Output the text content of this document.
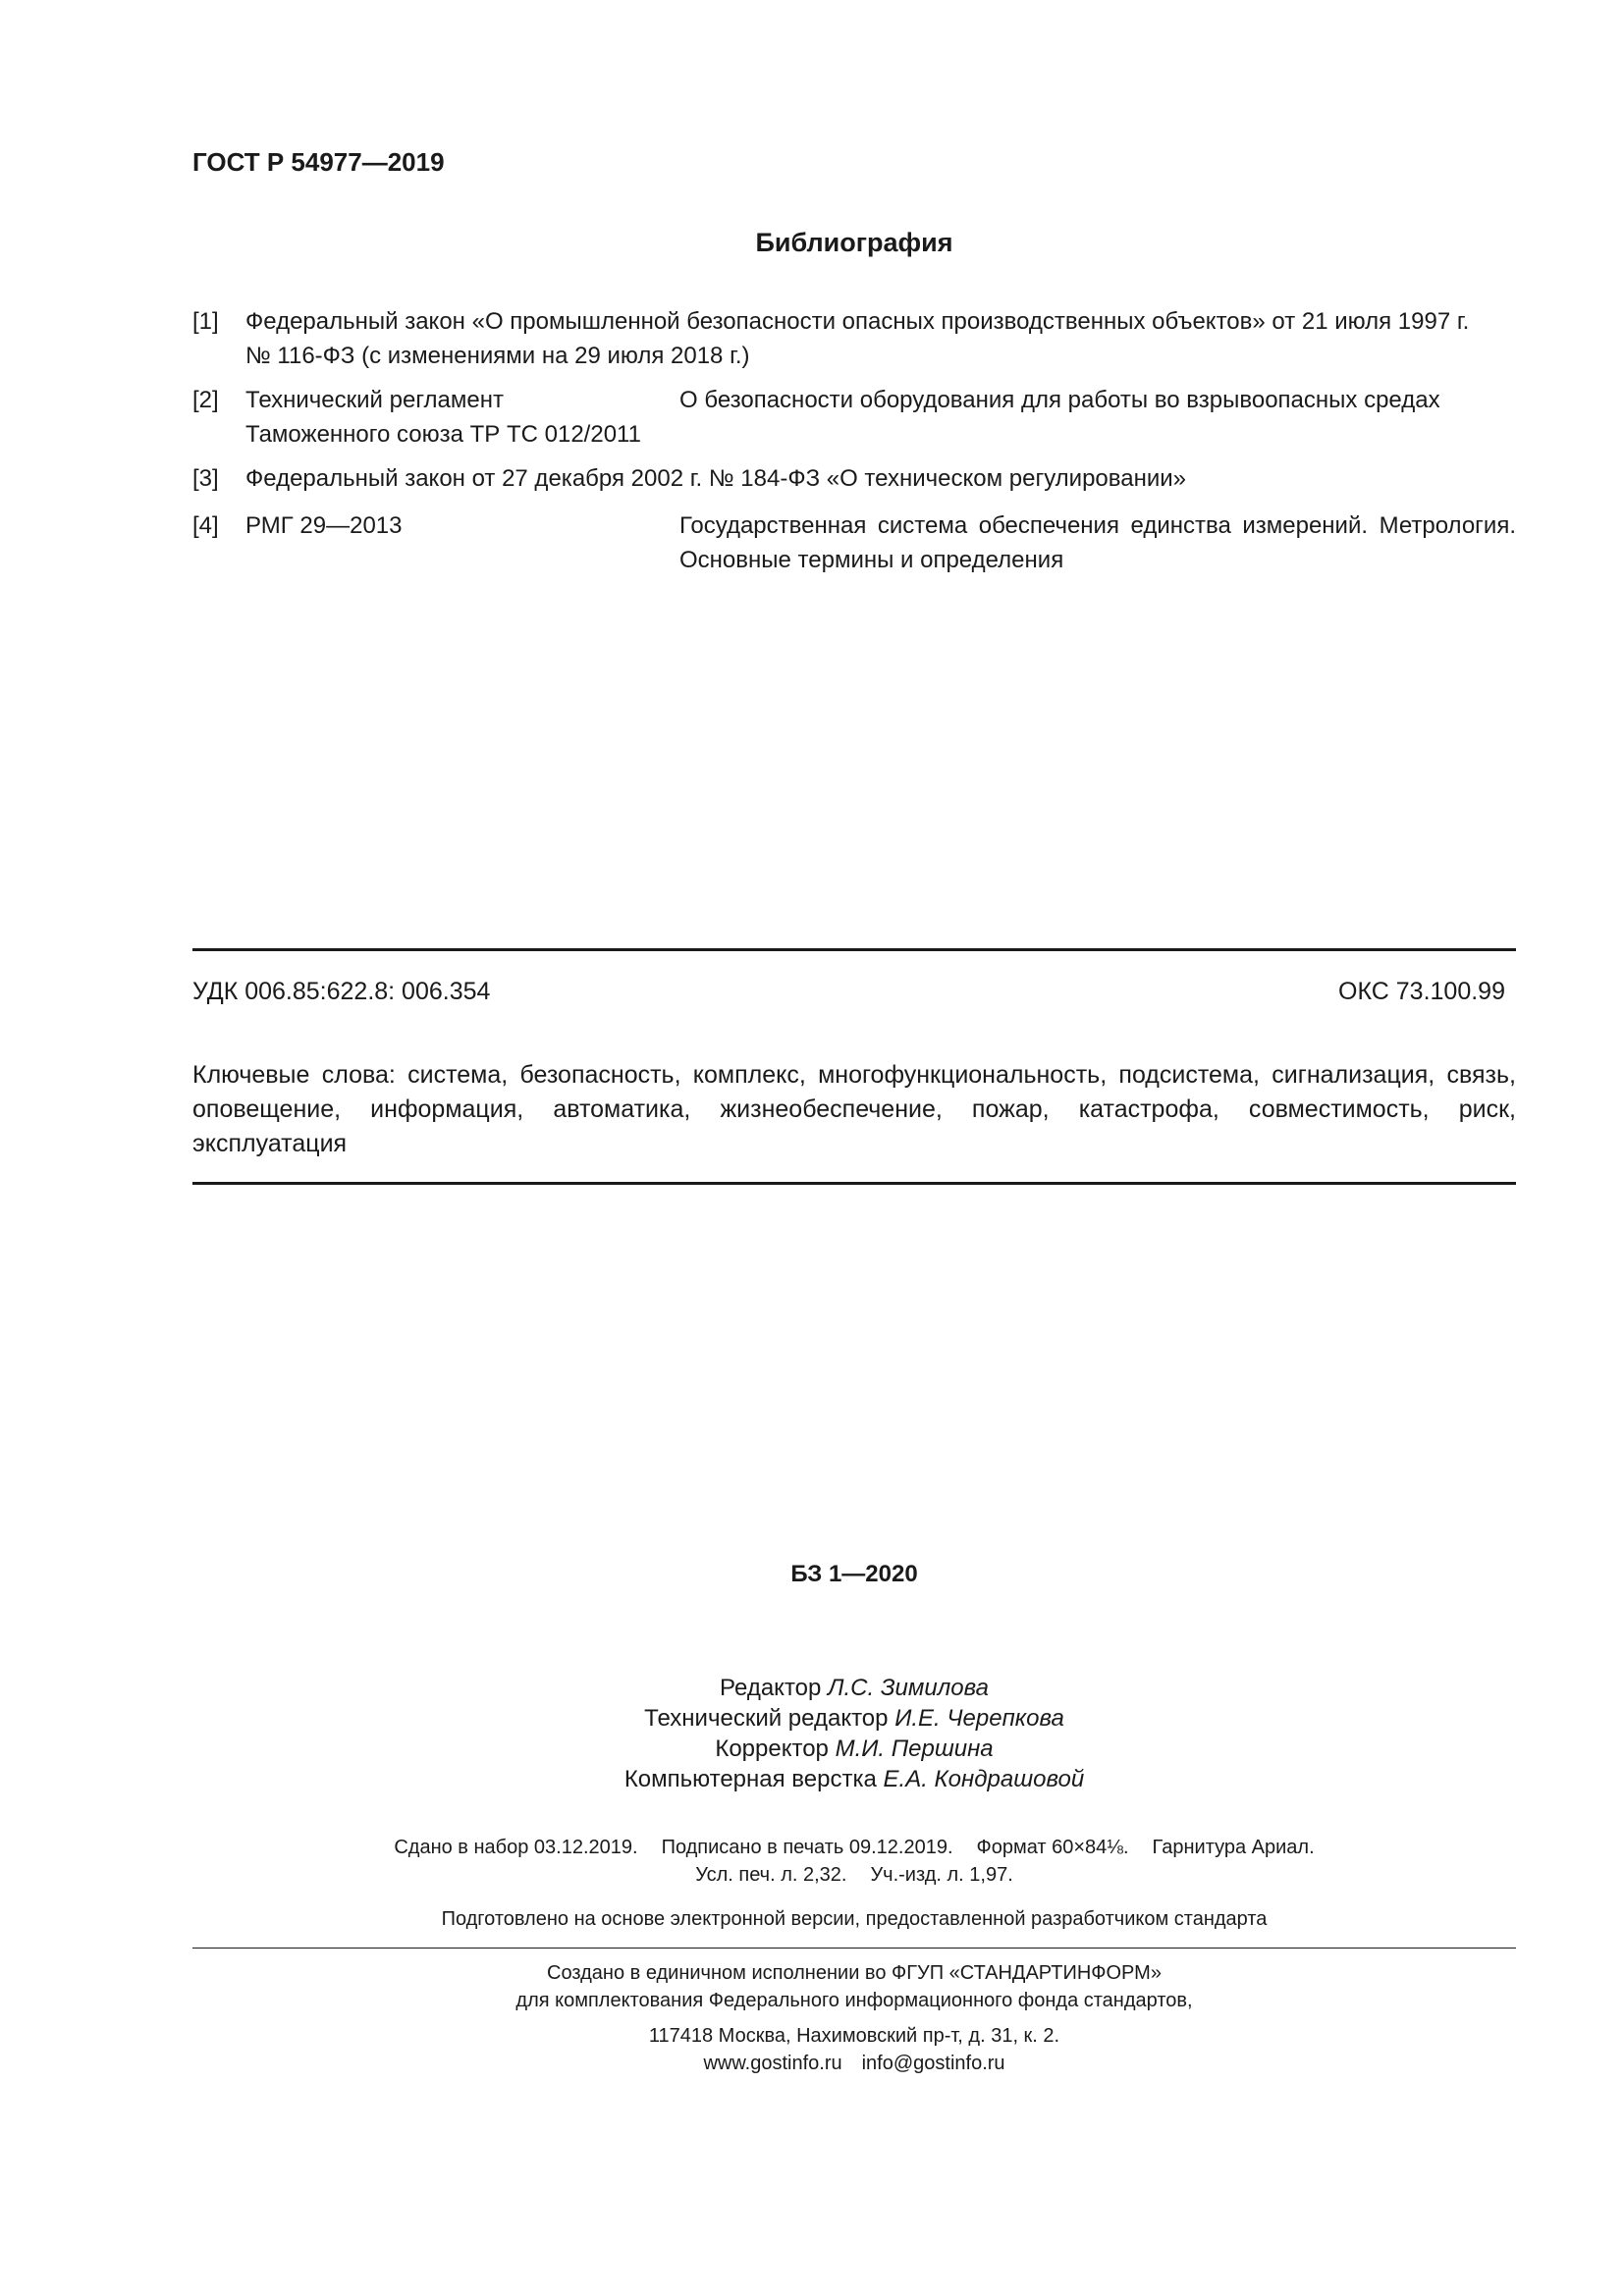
ГОСТ Р 54977—2019
Библиография
[1] Федеральный закон «О промышленной безопасности опасных производственных объектов» от 21 июля 1997 г.
№ 116-ФЗ (с изменениями на 29 июля 2018 г.)
[2] Технический регламент
Таможенного союза ТР ТС 012/2011
О безопасности оборудования для работы во взрывоопасных средах
[3] Федеральный закон от 27 декабря 2002 г. № 184-ФЗ «О техническом регулировании»
[4] РМГ 29—2013	Государственная система обеспечения единства измерений. Метрология. Основные термины и определения
УДК 006.85:622.8: 006.354	ОКС 73.100.99
Ключевые слова: система, безопасность, комплекс, многофункциональность, подсистема, сигнализация, связь, оповещение, информация, автоматика, жизнеобеспечение, пожар, катастрофа, совместимость, риск, эксплуатация
БЗ 1—2020
Редактор Л.С. Зимилова
Технический редактор И.Е. Черепкова
Корректор М.И. Першина
Компьютерная верстка Е.А. Кондрашовой
Сдано в набор 03.12.2019. Подписано в печать 09.12.2019. Формат 60×84⅛. Гарнитура Ариал.
Усл. печ. л. 2,32. Уч.-изд. л. 1,97.
Подготовлено на основе электронной версии, предоставленной разработчиком стандарта
Создано в единичном исполнении во ФГУП «СТАНДАРТИНФОРМ»
для комплектования Федерального информационного фонда стандартов,
117418 Москва, Нахимовский пр-т, д. 31, к. 2.
www.gostinfo.ru info@gostinfo.ru
